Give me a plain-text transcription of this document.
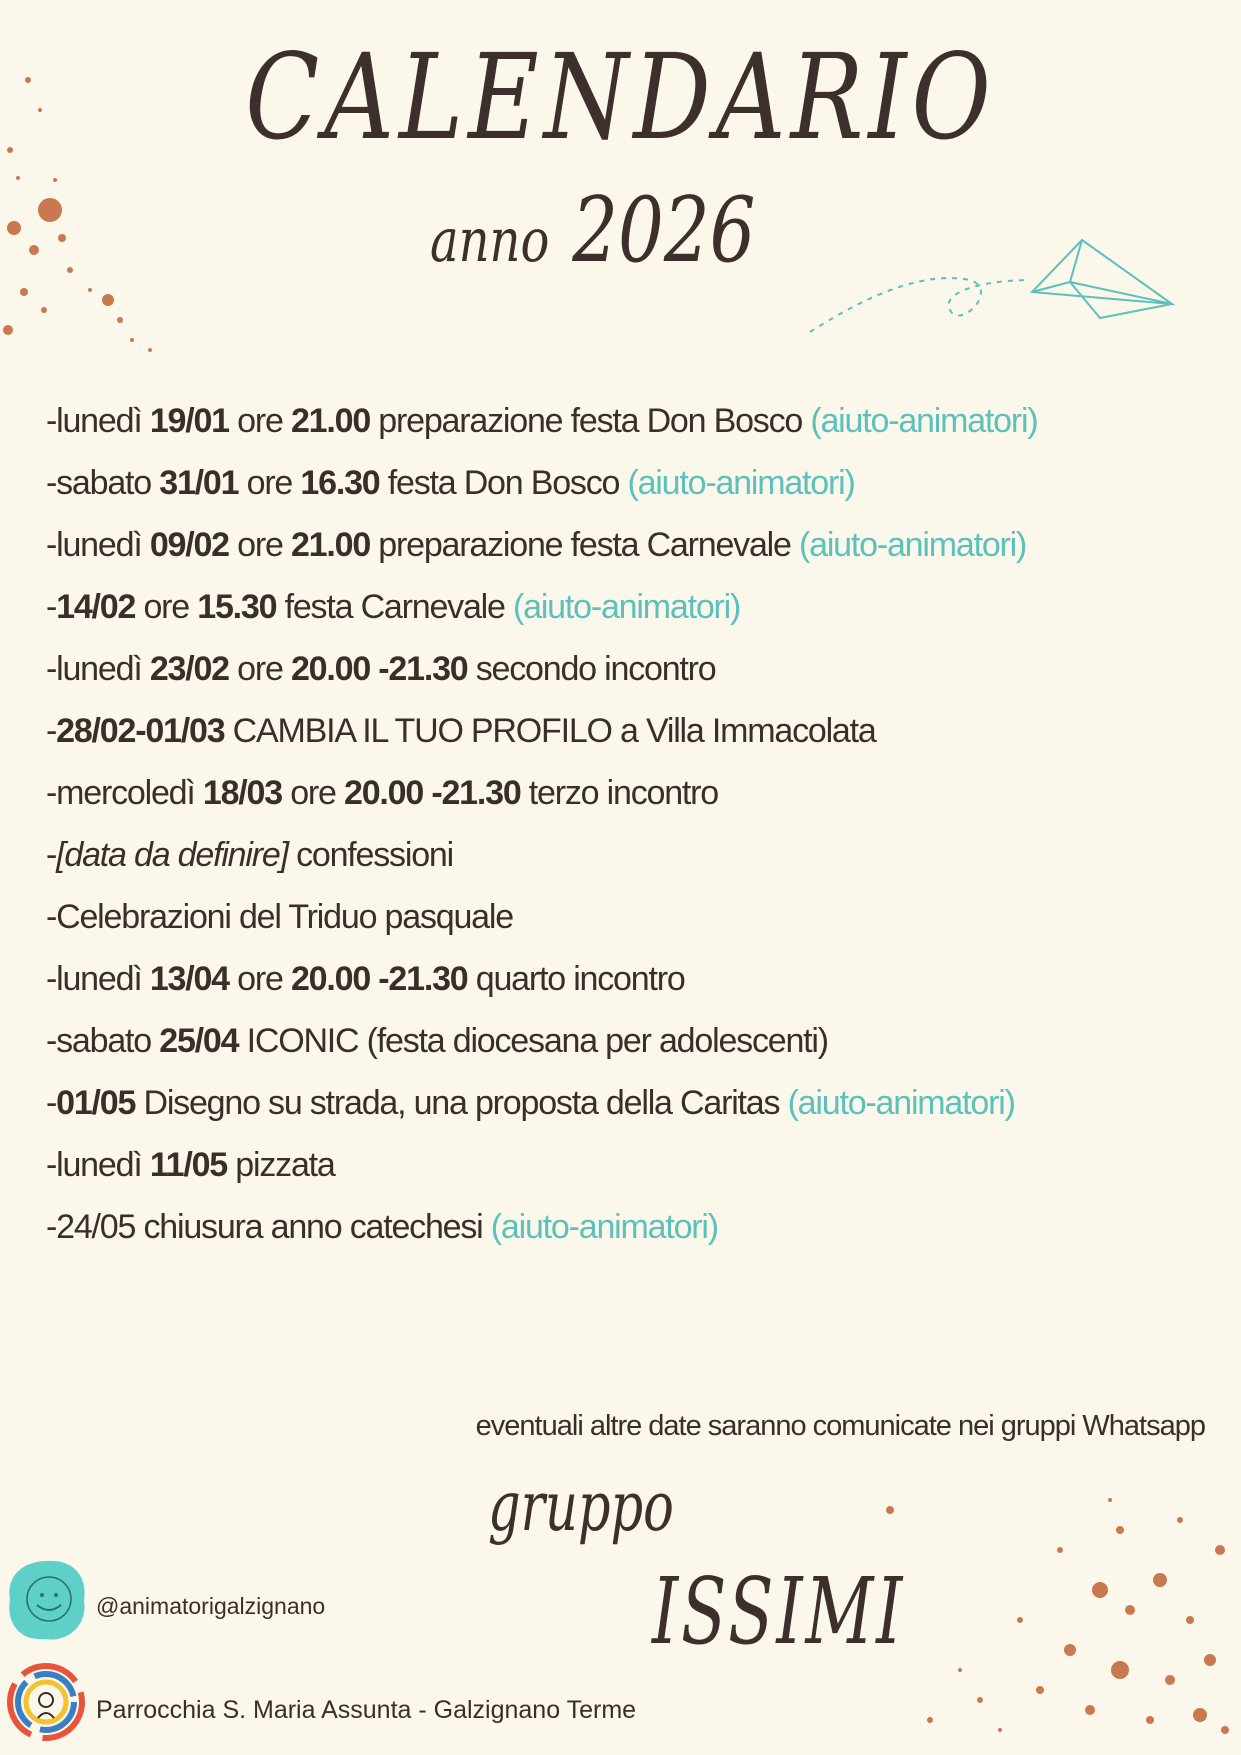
CALENDARIO
anno 2026
-lunedì 19/01 ore 21.00 preparazione festa Don Bosco (aiuto-animatori)
-sabato 31/01 ore 16.30 festa Don Bosco (aiuto-animatori)
-lunedì 09/02 ore 21.00 preparazione festa Carnevale (aiuto-animatori)
-14/02 ore 15.30 festa Carnevale (aiuto-animatori)
-lunedì 23/02 ore 20.00 -21.30 secondo incontro
-28/02-01/03 CAMBIA IL TUO PROFILO a Villa Immacolata
-mercoledì 18/03 ore 20.00 -21.30 terzo incontro
-[data da definire] confessioni
-Celebrazioni del Triduo pasquale
-lunedì 13/04 ore 20.00 -21.30 quarto incontro
-sabato 25/04 ICONIC (festa diocesana per adolescenti)
-01/05 Disegno su strada, una proposta della Caritas (aiuto-animatori)
-lunedì 11/05 pizzata
-24/05 chiusura anno catechesi (aiuto-animatori)
eventuali altre date saranno comunicate nei gruppi Whatsapp
gruppo
ISSIMI
@animatorigalzignano
Parrocchia S. Maria Assunta - Galzignano Terme
